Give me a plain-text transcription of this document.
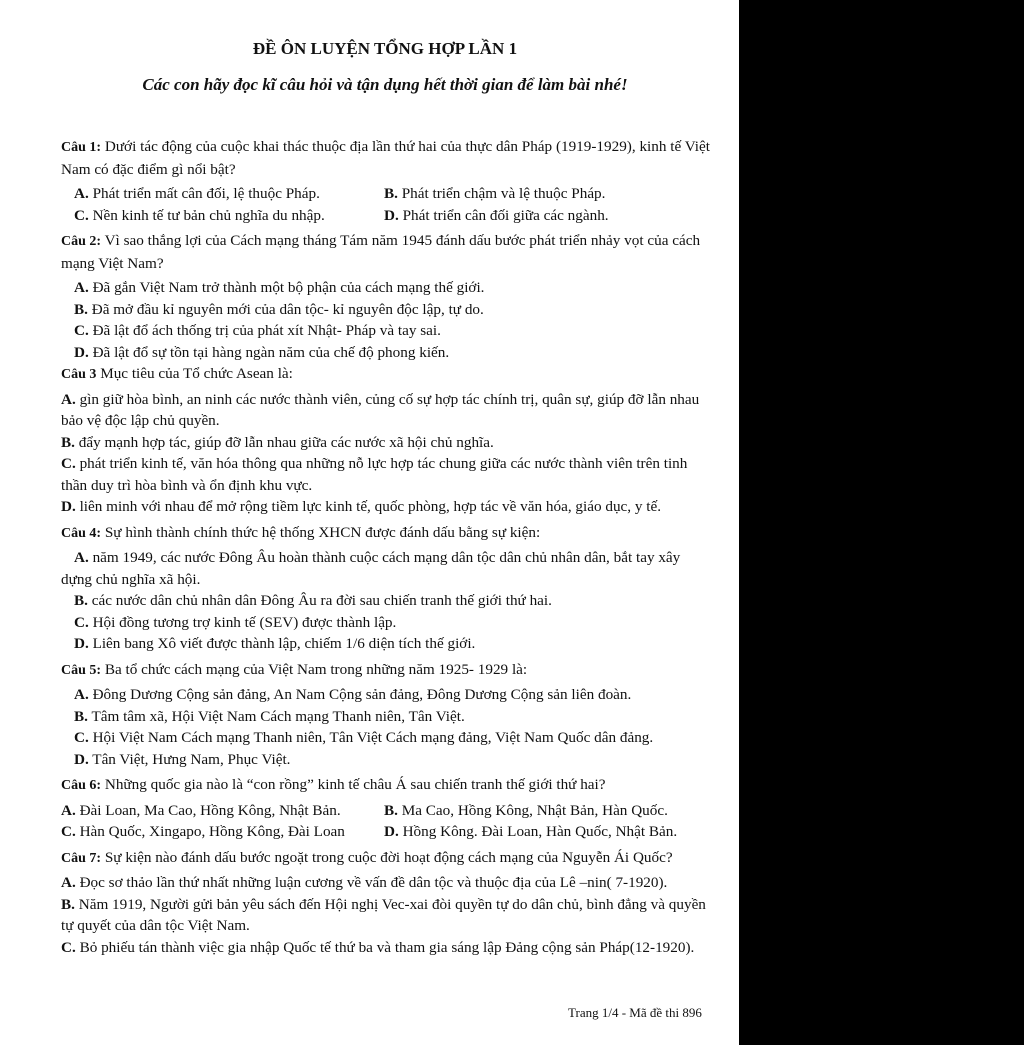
ĐỀ ÔN LUYỆN TỔNG HỢP LẦN 1
Các con hãy đọc kĩ câu hỏi và tận dụng hết thời gian để làm bài nhé!
Câu 1: Dưới tác động của cuộc khai thác thuộc địa lần thứ hai của thực dân Pháp (1919-1929), kinh tế Việt Nam có đặc điểm gì nổi bật?
A. Phát triển mất cân đối, lệ thuộc Pháp.	B. Phát triển chậm và lệ thuộc Pháp.
C. Nền kinh tế tư bản chủ nghĩa du nhập.	D. Phát triển cân đối giữa các ngành.
Câu 2: Vì sao thắng lợi của Cách mạng tháng Tám năm 1945 đánh dấu bước phát triển nhảy vọt của cách mạng Việt Nam?
A. Đã gắn Việt Nam trở thành một bộ phận của cách mạng thế giới.
B. Đã mở đầu kỉ nguyên mới của dân tộc- kỉ nguyên độc lập, tự do.
C. Đã lật đổ ách thống trị của phát xít Nhật- Pháp và tay sai.
D. Đã lật đổ sự tồn tại hàng ngàn năm của chế độ phong kiến.
Câu 3 Mục tiêu của Tổ chức Asean là:
A. gìn giữ hòa bình, an ninh các nước thành viên, củng cố sự hợp tác chính trị, quân sự, giúp đỡ lẫn nhau bảo vệ độc lập chủ quyền.
B. đẩy mạnh hợp tác, giúp đỡ lẫn nhau giữa các nước xã hội chủ nghĩa.
C. phát triển kinh tế, văn hóa thông qua những nỗ lực hợp tác chung giữa các nước thành viên trên tinh thần duy trì hòa bình và ổn định khu vực.
D. liên minh với nhau để mở rộng tiềm lực kinh tế, quốc phòng, hợp tác về văn hóa, giáo dục, y tế.
Câu 4: Sự hình thành chính thức hệ thống XHCN được đánh dấu bằng sự kiện:
A. năm 1949, các nước Đông Âu hoàn thành cuộc cách mạng dân tộc dân chủ nhân dân, bắt tay xây dựng chủ nghĩa xã hội.
B. các nước dân chủ nhân dân Đông Âu ra đời sau chiến tranh thế giới thứ hai.
C. Hội đồng tương trợ kinh tế (SEV) được thành lập.
D. Liên bang Xô viết được thành lập, chiếm 1/6 diện tích thế giới.
Câu 5: Ba tổ chức cách mạng của Việt Nam trong những năm 1925- 1929 là:
A. Đông Dương Cộng sản đảng, An Nam Cộng sản đảng, Đông Dương Cộng sản liên đoàn.
B. Tâm tâm xã, Hội Việt Nam Cách mạng Thanh niên, Tân Việt.
C. Hội Việt Nam Cách mạng Thanh niên, Tân Việt Cách mạng đảng, Việt Nam Quốc dân đảng.
D. Tân Việt, Hưng Nam, Phục Việt.
Câu 6: Những quốc gia nào là “con rồng” kinh tế châu Á sau chiến tranh thế giới thứ hai?
A. Đài Loan, Ma Cao, Hồng Kông, Nhật Bản.	B. Ma Cao, Hồng Kông, Nhật Bản, Hàn Quốc.
C. Hàn Quốc, Xingapo, Hồng Kông, Đài Loan	D. Hồng Kông. Đài Loan, Hàn Quốc, Nhật Bản.
Câu 7: Sự kiện nào đánh dấu bước ngoặt trong cuộc đời hoạt động cách mạng của Nguyễn Ái Quốc?
A. Đọc sơ thảo lần thứ nhất những luận cương về vấn đề dân tộc và thuộc địa của Lê –nin( 7-1920).
B. Năm 1919, Người gửi bản yêu sách đến Hội nghị Vec-xai đòi quyền tự do dân chủ, bình đẳng và quyền tự quyết của dân tộc Việt Nam.
C. Bỏ phiếu tán thành việc gia nhập Quốc tế thứ ba và tham gia sáng lập Đảng cộng sản Pháp(12-1920).
Trang 1/4 - Mã đề thi 896
